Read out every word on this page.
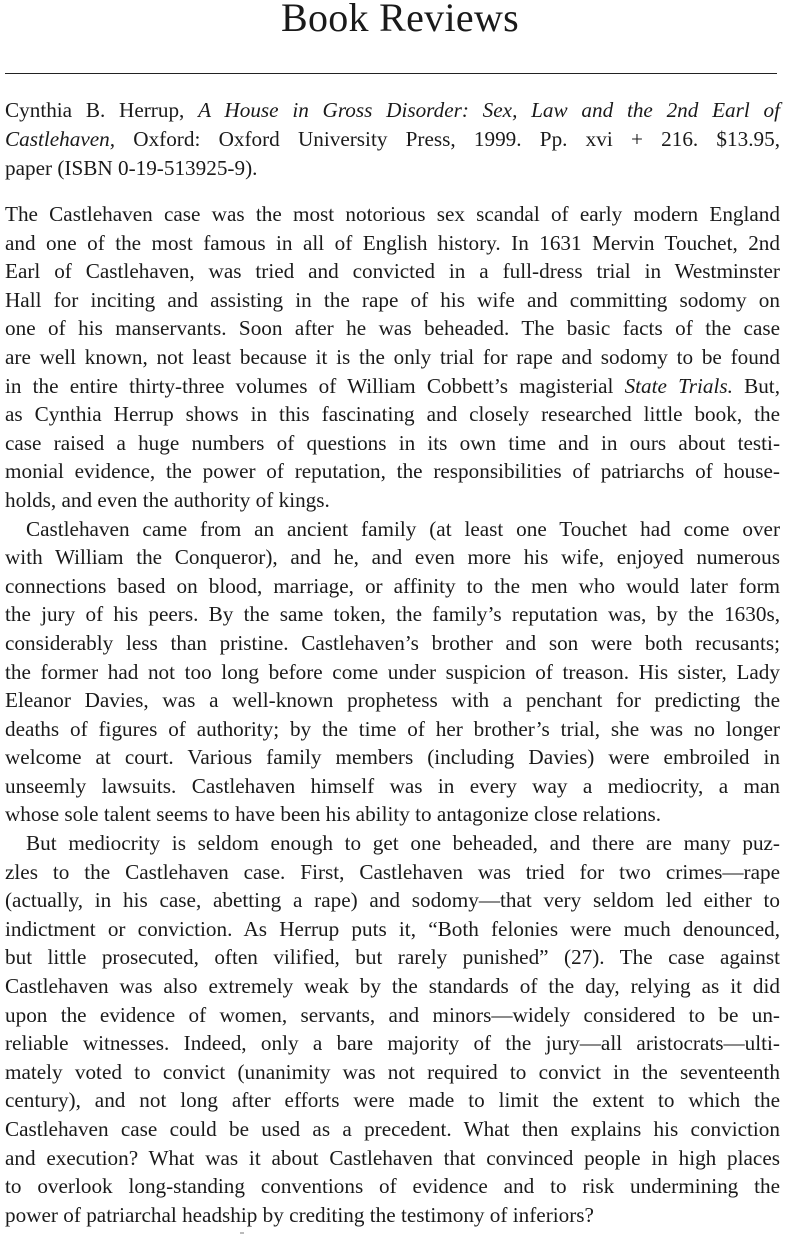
Book Reviews
Cynthia B. Herrup, A House in Gross Disorder: Sex, Law and the 2nd Earl of
Castlehaven, Oxford: Oxford University Press, 1999. Pp. xvi + 216. $13.95,
paper (ISBN 0-19-513925-9).
The Castlehaven case was the most notorious sex scandal of early modern England
and one of the most famous in all of English history. In 1631 Mervin Touchet, 2nd
Earl of Castlehaven, was tried and convicted in a full-dress trial in Westminster
Hall for inciting and assisting in the rape of his wife and committing sodomy on
one of his manservants. Soon after he was beheaded. The basic facts of the case
are well known, not least because it is the only trial for rape and sodomy to be found
in the entire thirty-three volumes of William Cobbett’s magisterial State Trials. But,
as Cynthia Herrup shows in this fascinating and closely researched little book, the
case raised a huge numbers of questions in its own time and in ours about testi-
monial evidence, the power of reputation, the responsibilities of patriarchs of house-
holds, and even the authority of kings.
Castlehaven came from an ancient family (at least one Touchet had come over
with William the Conqueror), and he, and even more his wife, enjoyed numerous
connections based on blood, marriage, or affinity to the men who would later form
the jury of his peers. By the same token, the family’s reputation was, by the 1630s,
considerably less than pristine. Castlehaven’s brother and son were both recusants;
the former had not too long before come under suspicion of treason. His sister, Lady
Eleanor Davies, was a well-known prophetess with a penchant for predicting the
deaths of figures of authority; by the time of her brother’s trial, she was no longer
welcome at court. Various family members (including Davies) were embroiled in
unseemly lawsuits. Castlehaven himself was in every way a mediocrity, a man
whose sole talent seems to have been his ability to antagonize close relations.
But mediocrity is seldom enough to get one beheaded, and there are many puz-
zles to the Castlehaven case. First, Castlehaven was tried for two crimes—rape
(actually, in his case, abetting a rape) and sodomy—that very seldom led either to
indictment or conviction. As Herrup puts it, “Both felonies were much denounced,
but little prosecuted, often vilified, but rarely punished” (27). The case against
Castlehaven was also extremely weak by the standards of the day, relying as it did
upon the evidence of women, servants, and minors—widely considered to be un-
reliable witnesses. Indeed, only a bare majority of the jury—all aristocrats—ulti-
mately voted to convict (unanimity was not required to convict in the seventeenth
century), and not long after efforts were made to limit the extent to which the
Castlehaven case could be used as a precedent. What then explains his conviction
and execution? What was it about Castlehaven that convinced people in high places
to overlook long-standing conventions of evidence and to risk undermining the
power of patriarchal headship by crediting the testimony of inferiors?
